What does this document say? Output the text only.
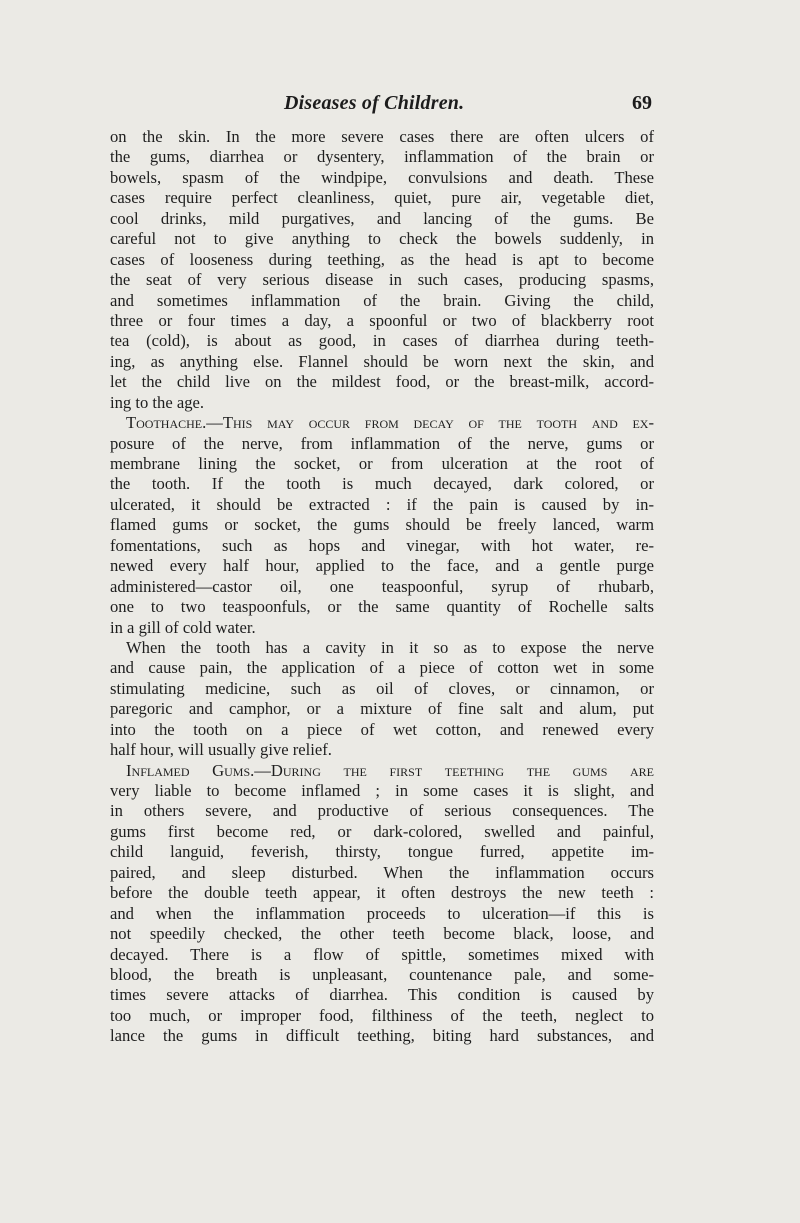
Diseases of Children.	69
on the skin. In the more severe cases there are often ulcers of
the gums, diarrhea or dysentery, inflammation of the brain or
bowels, spasm of the windpipe, convulsions and death. These
cases require perfect cleanliness, quiet, pure air, vegetable diet,
cool drinks, mild purgatives, and lancing of the gums. Be
careful not to give anything to check the bowels suddenly, in
cases of looseness during teething, as the head is apt to become
the seat of very serious disease in such cases, producing spasms,
and sometimes inflammation of the brain. Giving the child,
three or four times a day, a spoonful or two of blackberry root
tea (cold), is about as good, in cases of diarrhea during teeth-
ing, as anything else. Flannel should be worn next the skin, and
let the child live on the mildest food, or the breast-milk, accord-
ing to the age.
Toothache.—This may occur from decay of the tooth and ex-
posure of the nerve, from inflammation of the nerve, gums or
membrane lining the socket, or from ulceration at the root of
the tooth. If the tooth is much decayed, dark colored, or
ulcerated, it should be extracted : if the pain is caused by in-
flamed gums or socket, the gums should be freely lanced, warm
fomentations, such as hops and vinegar, with hot water, re-
newed every half hour, applied to the face, and a gentle purge
administered—castor oil, one teaspoonful, syrup of rhubarb,
one to two teaspoonfuls, or the same quantity of Rochelle salts
in a gill of cold water.
When the tooth has a cavity in it so as to expose the nerve
and cause pain, the application of a piece of cotton wet in some
stimulating medicine, such as oil of cloves, or cinnamon, or
paregoric and camphor, or a mixture of fine salt and alum, put
into the tooth on a piece of wet cotton, and renewed every
half hour, will usually give relief.
Inflamed Gums.—During the first teething the gums are
very liable to become inflamed ; in some cases it is slight, and
in others severe, and productive of serious consequences. The
gums first become red, or dark-colored, swelled and painful,
child languid, feverish, thirsty, tongue furred, appetite im-
paired, and sleep disturbed. When the inflammation occurs
before the double teeth appear, it often destroys the new teeth :
and when the inflammation proceeds to ulceration—if this is
not speedily checked, the other teeth become black, loose, and
decayed. There is a flow of spittle, sometimes mixed with
blood, the breath is unpleasant, countenance pale, and some-
times severe attacks of diarrhea. This condition is caused by
too much, or improper food, filthiness of the teeth, neglect to
lance the gums in difficult teething, biting hard substances, and
